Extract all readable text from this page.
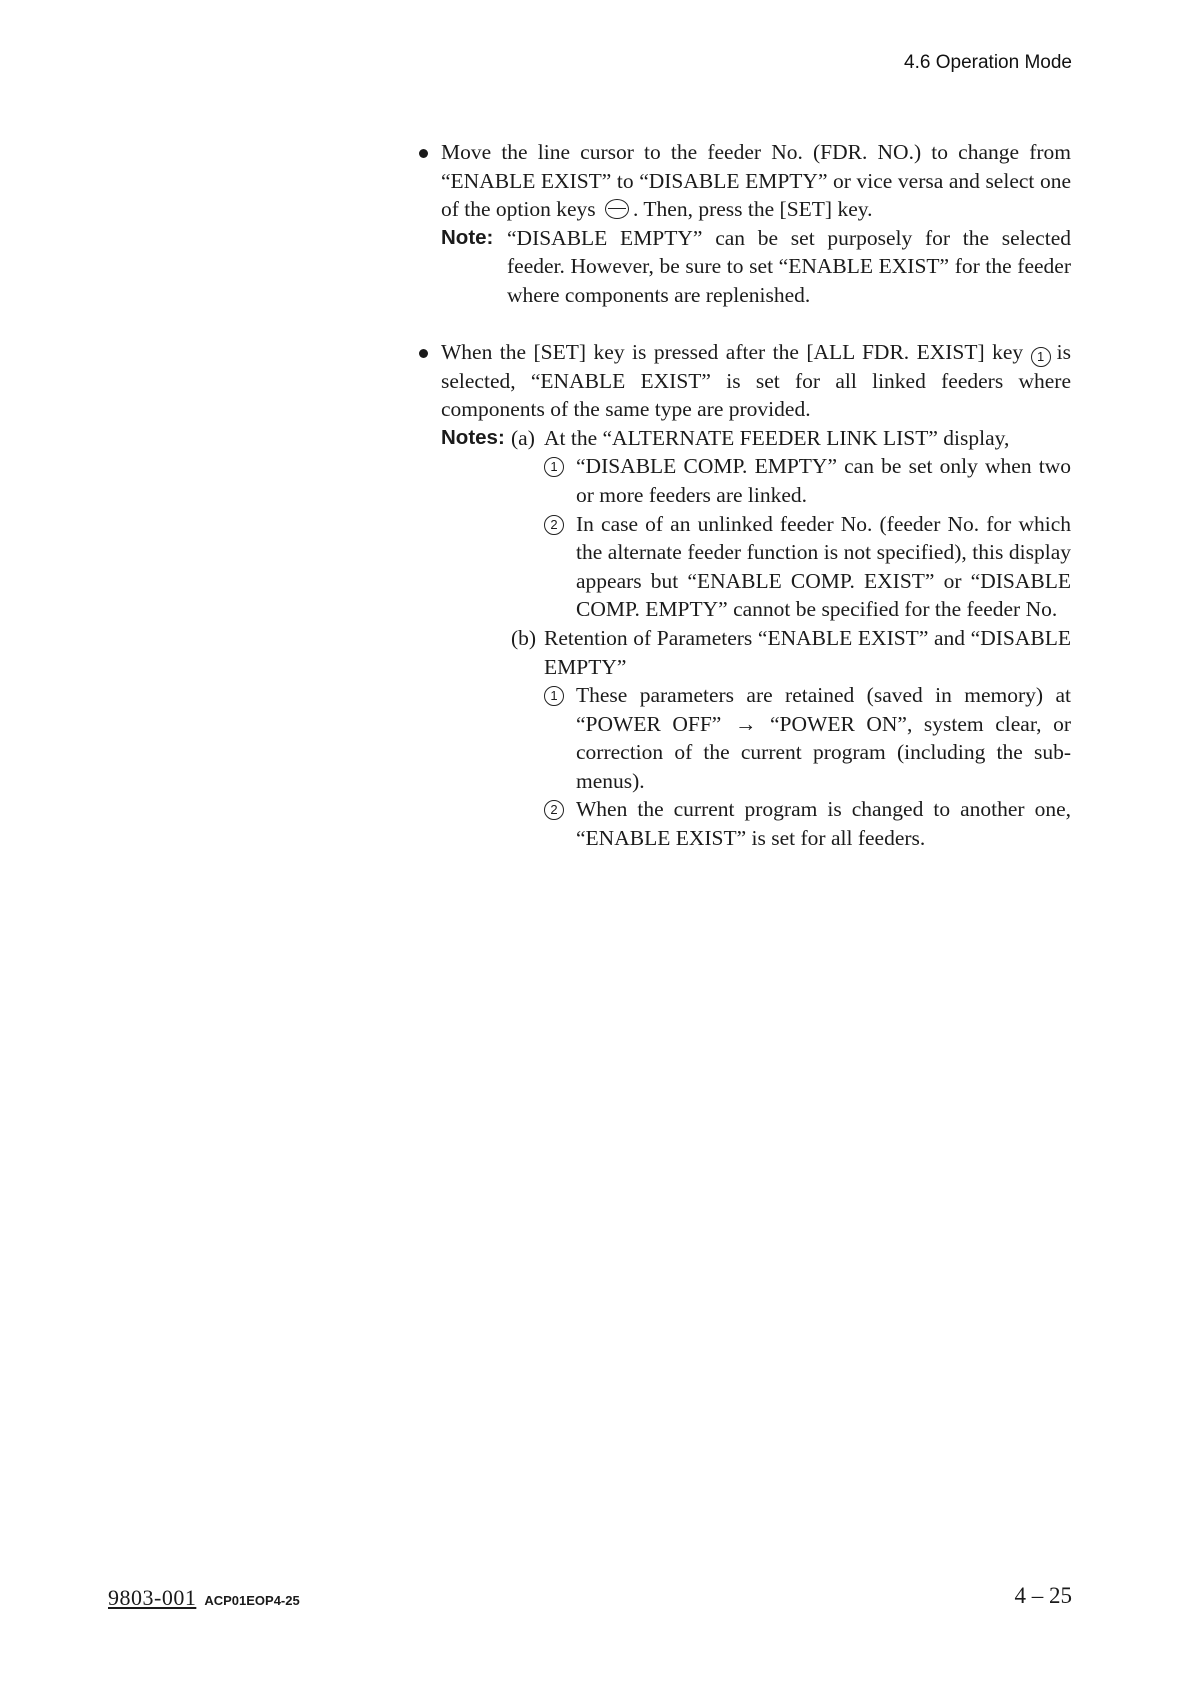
4.6 Operation Mode

Move the line cursor to the feeder No. (FDR. NO.) to change from “ENABLE EXIST” to “DISABLE EMPTY” or vice versa and select one of the option keys . Then, press the [SET] key.

Note: “DISABLE EMPTY” can be set purposely for the selected feeder. However, be sure to set “ENABLE EXIST” for the feeder where components are replenished.

When the [SET] key is pressed after the [ALL FDR. EXIST] key 1 is selected, “ENABLE EXIST” is set for all linked feeders where components of the same type are provided.

Notes: (a) At the “ALTERNATE FEEDER LINK LIST” display,

1 “DISABLE COMP. EMPTY” can be set only when two or more feeders are linked.

2 In case of an unlinked feeder No. (feeder No. for which the alternate feeder function is not specified), this display appears but “ENABLE COMP. EXIST” or “DISABLE COMP. EMPTY” cannot be specified for the feeder No.

(b) Retention of Parameters “ENABLE EXIST” and “DISABLE EMPTY”

1 These parameters are retained (saved in memory) at “POWER OFF” → “POWER ON”, system clear, or correction of the current program (including the sub-menus).

2 When the current program is changed to another one, “ENABLE EXIST” is set for all feeders.

9803-001 ACP01EOP4-25	4 – 25
